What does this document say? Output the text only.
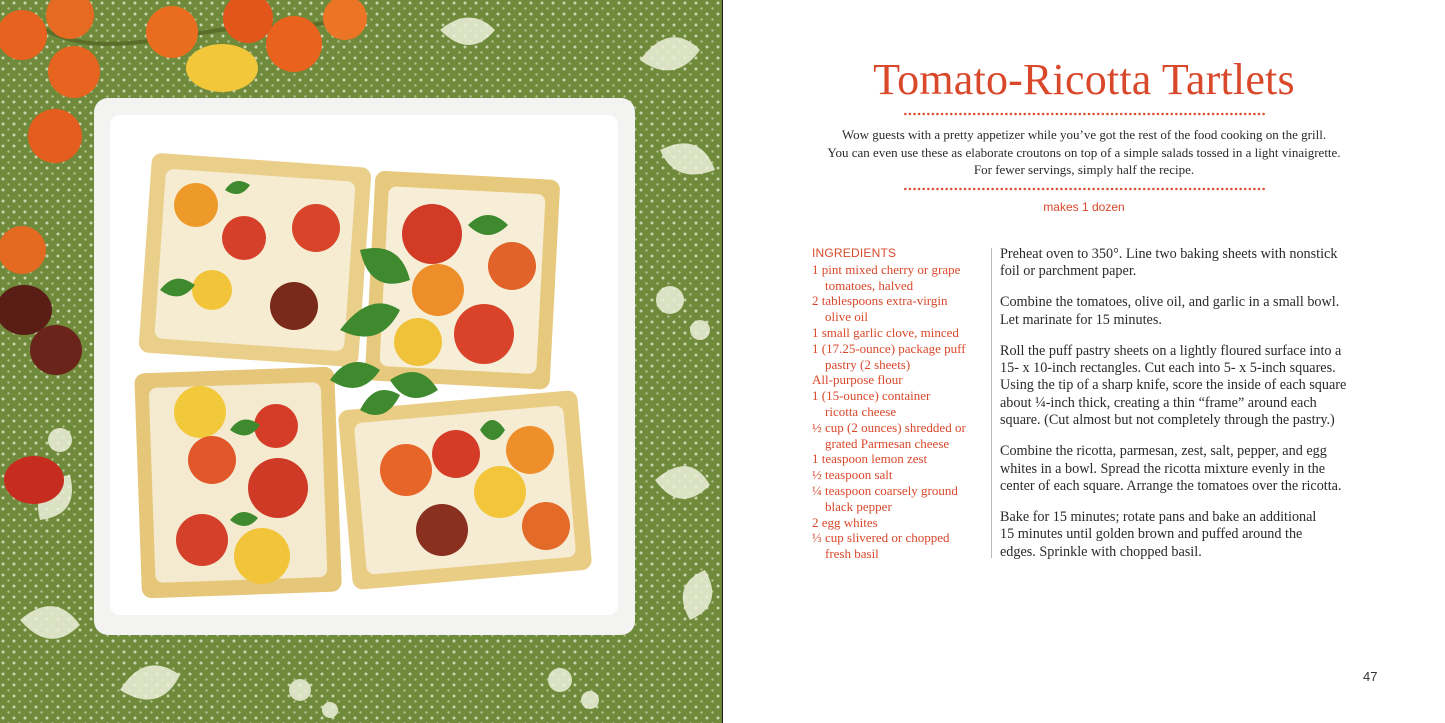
Tomato-Ricotta Tartlets
Wow guests with a pretty appetizer while you’ve got the rest of the food cooking on the grill.
You can even use these as elaborate croutons on top of a simple salads tossed in a light vinaigrette.
For fewer servings, simply half the recipe.
makes 1 dozen
INGREDIENTS
1 pint mixed cherry or grape
tomatoes, halved
2 tablespoons extra-virgin
olive oil
1 small garlic clove, minced
1 (17.25-ounce) package puff
pastry (2 sheets)
All-purpose flour
1 (15-ounce) container
ricotta cheese
½ cup (2 ounces) shredded or
grated Parmesan cheese
1 teaspoon lemon zest
½ teaspoon salt
¼ teaspoon coarsely ground
black pepper
2 egg whites
⅓ cup slivered or chopped
fresh basil

Preheat oven to 350°. Line two baking sheets with nonstick
foil or parchment paper.

Combine the tomatoes, olive oil, and garlic in a small bowl.
Let marinate for 15 minutes.

Roll the puff pastry sheets on a lightly floured surface into a
15- x 10-inch rectangles. Cut each into 5- x 5-inch squares.
Using the tip of a sharp knife, score the inside of each square
about ¼-inch thick, creating a thin “frame” around each
square. (Cut almost but not completely through the pastry.)

Combine the ricotta, parmesan, zest, salt, pepper, and egg
whites in a bowl. Spread the ricotta mixture evenly in the
center of each square. Arrange the tomatoes over the ricotta.

Bake for 15 minutes; rotate pans and bake an additional
15 minutes until golden brown and puffed around the
edges. Sprinkle with chopped basil.

47
